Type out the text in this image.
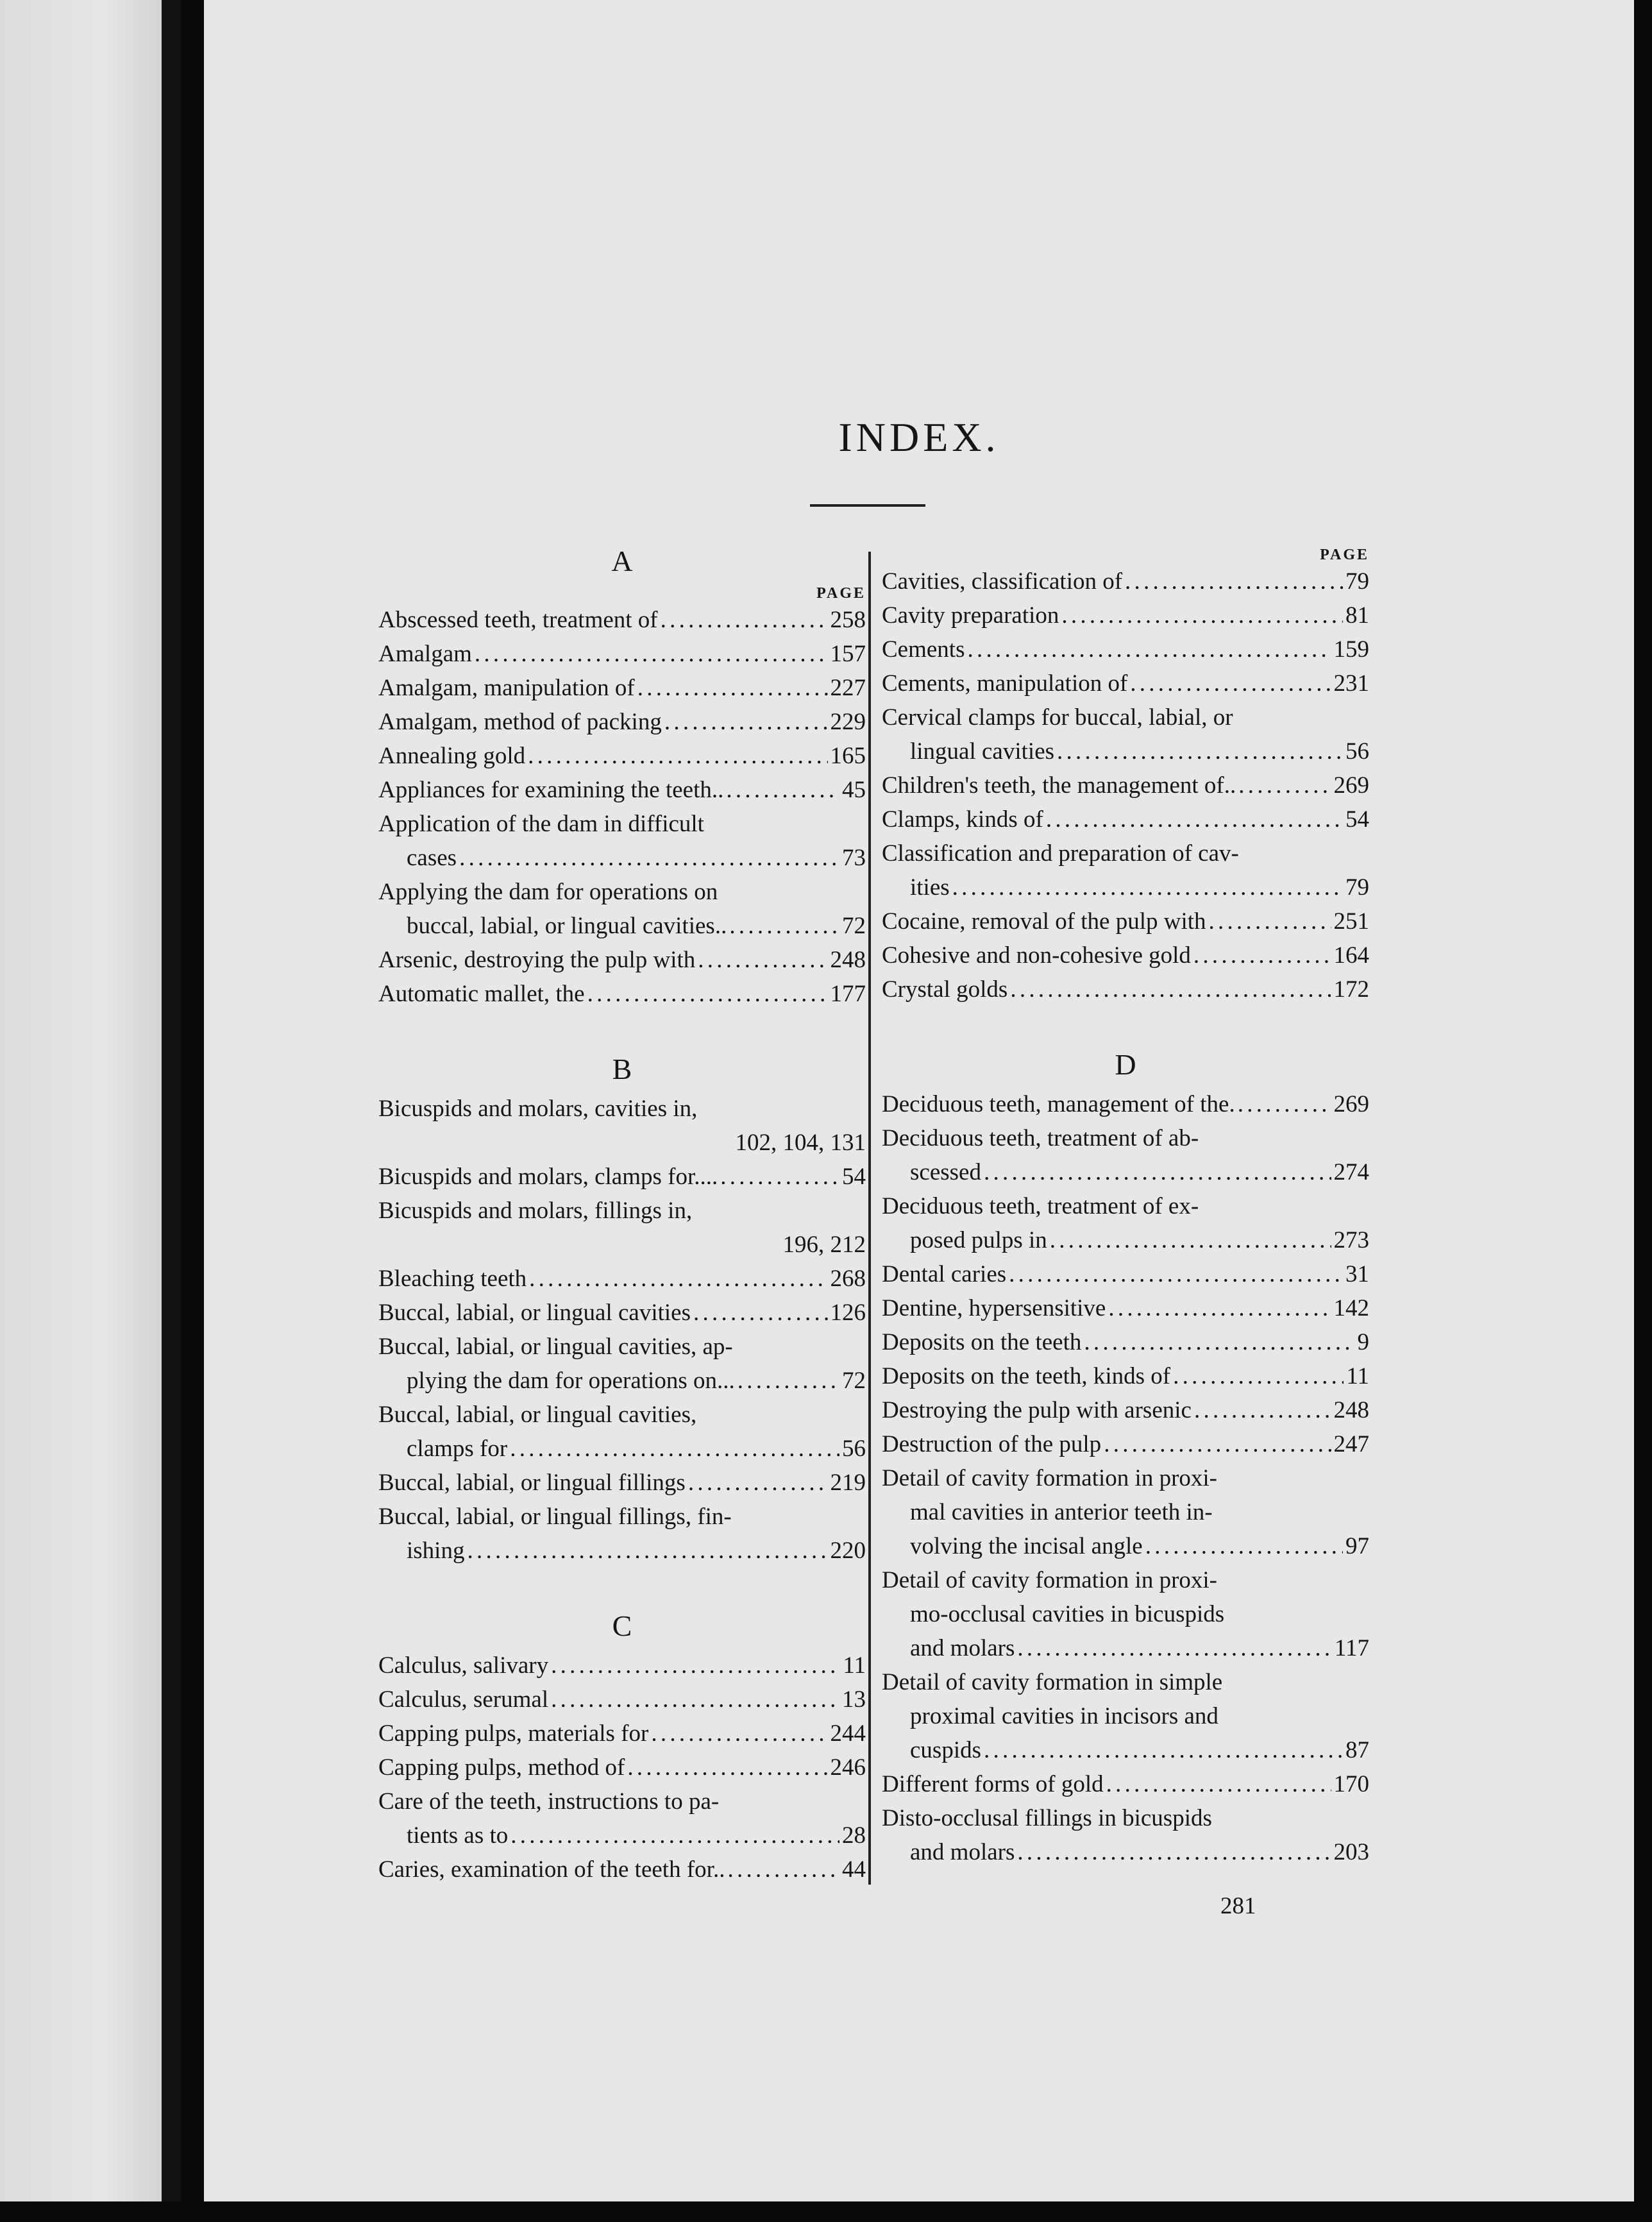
INDEX.
A
PAGE
Abscessed teeth, treatment of . . .	258
Amalgam . . .	157
Amalgam, manipulation of . . .	227
Amalgam, method of packing . . .	229
Annealing gold . . .	165
Appliances for examining the teeth.. . . .	45
Application of the dam in difficult
cases . . .	73
Applying the dam for operations on
buccal, labial, or lingual cavities.. . . .	72
Arsenic, destroying the pulp with . . .	248
Automatic mallet, the . . .	177
B
Bicuspids and molars, cavities in,
102, 104, 131
Bicuspids and molars, clamps for.... . . .	54
Bicuspids and molars, fillings in,
196, 212
Bleaching teeth . . .	268
Buccal, labial, or lingual cavities . . .	126
Buccal, labial, or lingual cavities, ap-
plying the dam for operations on... . . .	72
Buccal, labial, or lingual cavities,
clamps for . . .	56
Buccal, labial, or lingual fillings . . .	219
Buccal, labial, or lingual fillings, fin-
ishing . . .	220
C
Calculus, salivary . . .	11
Calculus, serumal . . .	13
Capping pulps, materials for . . .	244
Capping pulps, method of . . .	246
Care of the teeth, instructions to pa-
tients as to . . .	28
Caries, examination of the teeth for.. . . .	44
PAGE
Cavities, classification of . . .	79
Cavity preparation . . .	81
Cements . . .	159
Cements, manipulation of . . .	231
Cervical clamps for buccal, labial, or
lingual cavities . . .	56
Children's teeth, the management of.. . . .	269
Clamps, kinds of . . .	54
Classification and preparation of cav-
ities . . .	79
Cocaine, removal of the pulp with . . .	251
Cohesive and non-cohesive gold . . .	164
Crystal golds . . .	172
D
Deciduous teeth, management of the. . . .	269
Deciduous teeth, treatment of ab-
scessed . . .	274
Deciduous teeth, treatment of ex-
posed pulps in . . .	273
Dental caries . . .	31
Dentine, hypersensitive . . .	142
Deposits on the teeth . . .	9
Deposits on the teeth, kinds of . . .	11
Destroying the pulp with arsenic . . .	248
Destruction of the pulp . . .	247
Detail of cavity formation in proxi-
mal cavities in anterior teeth in-
volving the incisal angle . . .	97
Detail of cavity formation in proxi-
mo-occlusal cavities in bicuspids
and molars . . .	117
Detail of cavity formation in simple
proximal cavities in incisors and
cuspids . . .	87
Different forms of gold . . .	170
Disto-occlusal fillings in bicuspids
and molars . . .	203
281
